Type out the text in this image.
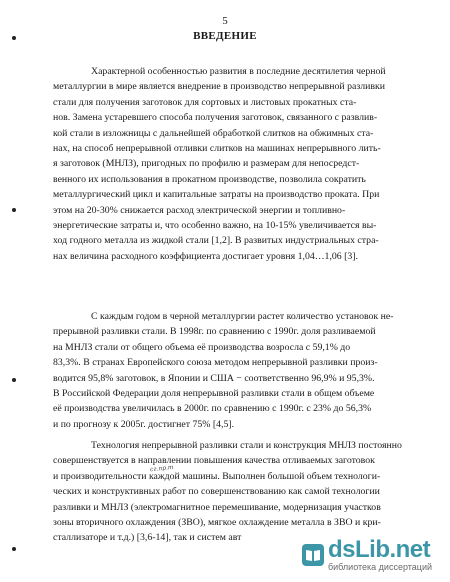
5
ВВЕДЕНИЕ
Характерной особенностью развития в последние десятилетия черной
металлургии в мире является внедрение в производство непрерывной разливки
стали для получения заготовок для сортовых и листовых прокатных ста-
нов. Замена устаревшего способа получения заготовок, связанного с развлив-
кой стали в изложницы с дальнейшей обработкой слитков на обжимных ста-
нах, на способ непрерывной отливки слитков на машинах непрерывного лить-
я заготовок (МНЛЗ), пригодных по профилю и размерам для непосредст-
венного их использования в прокатном производстве, позволила сократить
металлургический цикл и капитальные затраты на производство проката. При
этом на 20-30% снижается расход электрической энергии и топливно-
энергетические затраты и, что особенно важно, на 10-15% увеличивается вы-
ход годного металла из жидкой стали [1,2]. В развитых индустриальных стра-
нах величина расходного коэффициента достигает уровня 1,04…1,06 [3].
С каждым годом в черной металлургии растет количество установок не-
прерывной разливки стали. В 1998г. по сравнению с 1990г. доля разливаемой
на МНЛЗ стали от общего объема её производства возросла с 59,1% до
83,3%. В странах Европейского союза методом непрерывной разливки произ-
водится 95,8% заготовок, в Японии и США − соответственно 96,9% и 95,3%.
В Российской Федерации доля непрерывной разливки стали в общем объеме
её производства увеличилась в 2000г. по сравнению с 1990г. с 23% до 56,3%
и по прогнозу к 2005г. достигнет 75% [4,5].
Технология непрерывной разливки стали и конструкция МНЛЗ постоянно
совершенствуется в направлении повышения качества отливаемых заготовок
и производительности каждой машины. Выполнен большой объем технологи-
ческих и конструктивных работ по совершенствованию как самой технологии
разливки и МНЛЗ (электромагнитное перемешивание, модернизация участков
зоны вторичного охлаждения (ЗВО), мягкое охлаждение металла в ЗВО и кри-
сталлизаторе и т.д.) [3,6-14], так и систем авт
сг.пр.т
dsLib.net
библиотека диссертаций
